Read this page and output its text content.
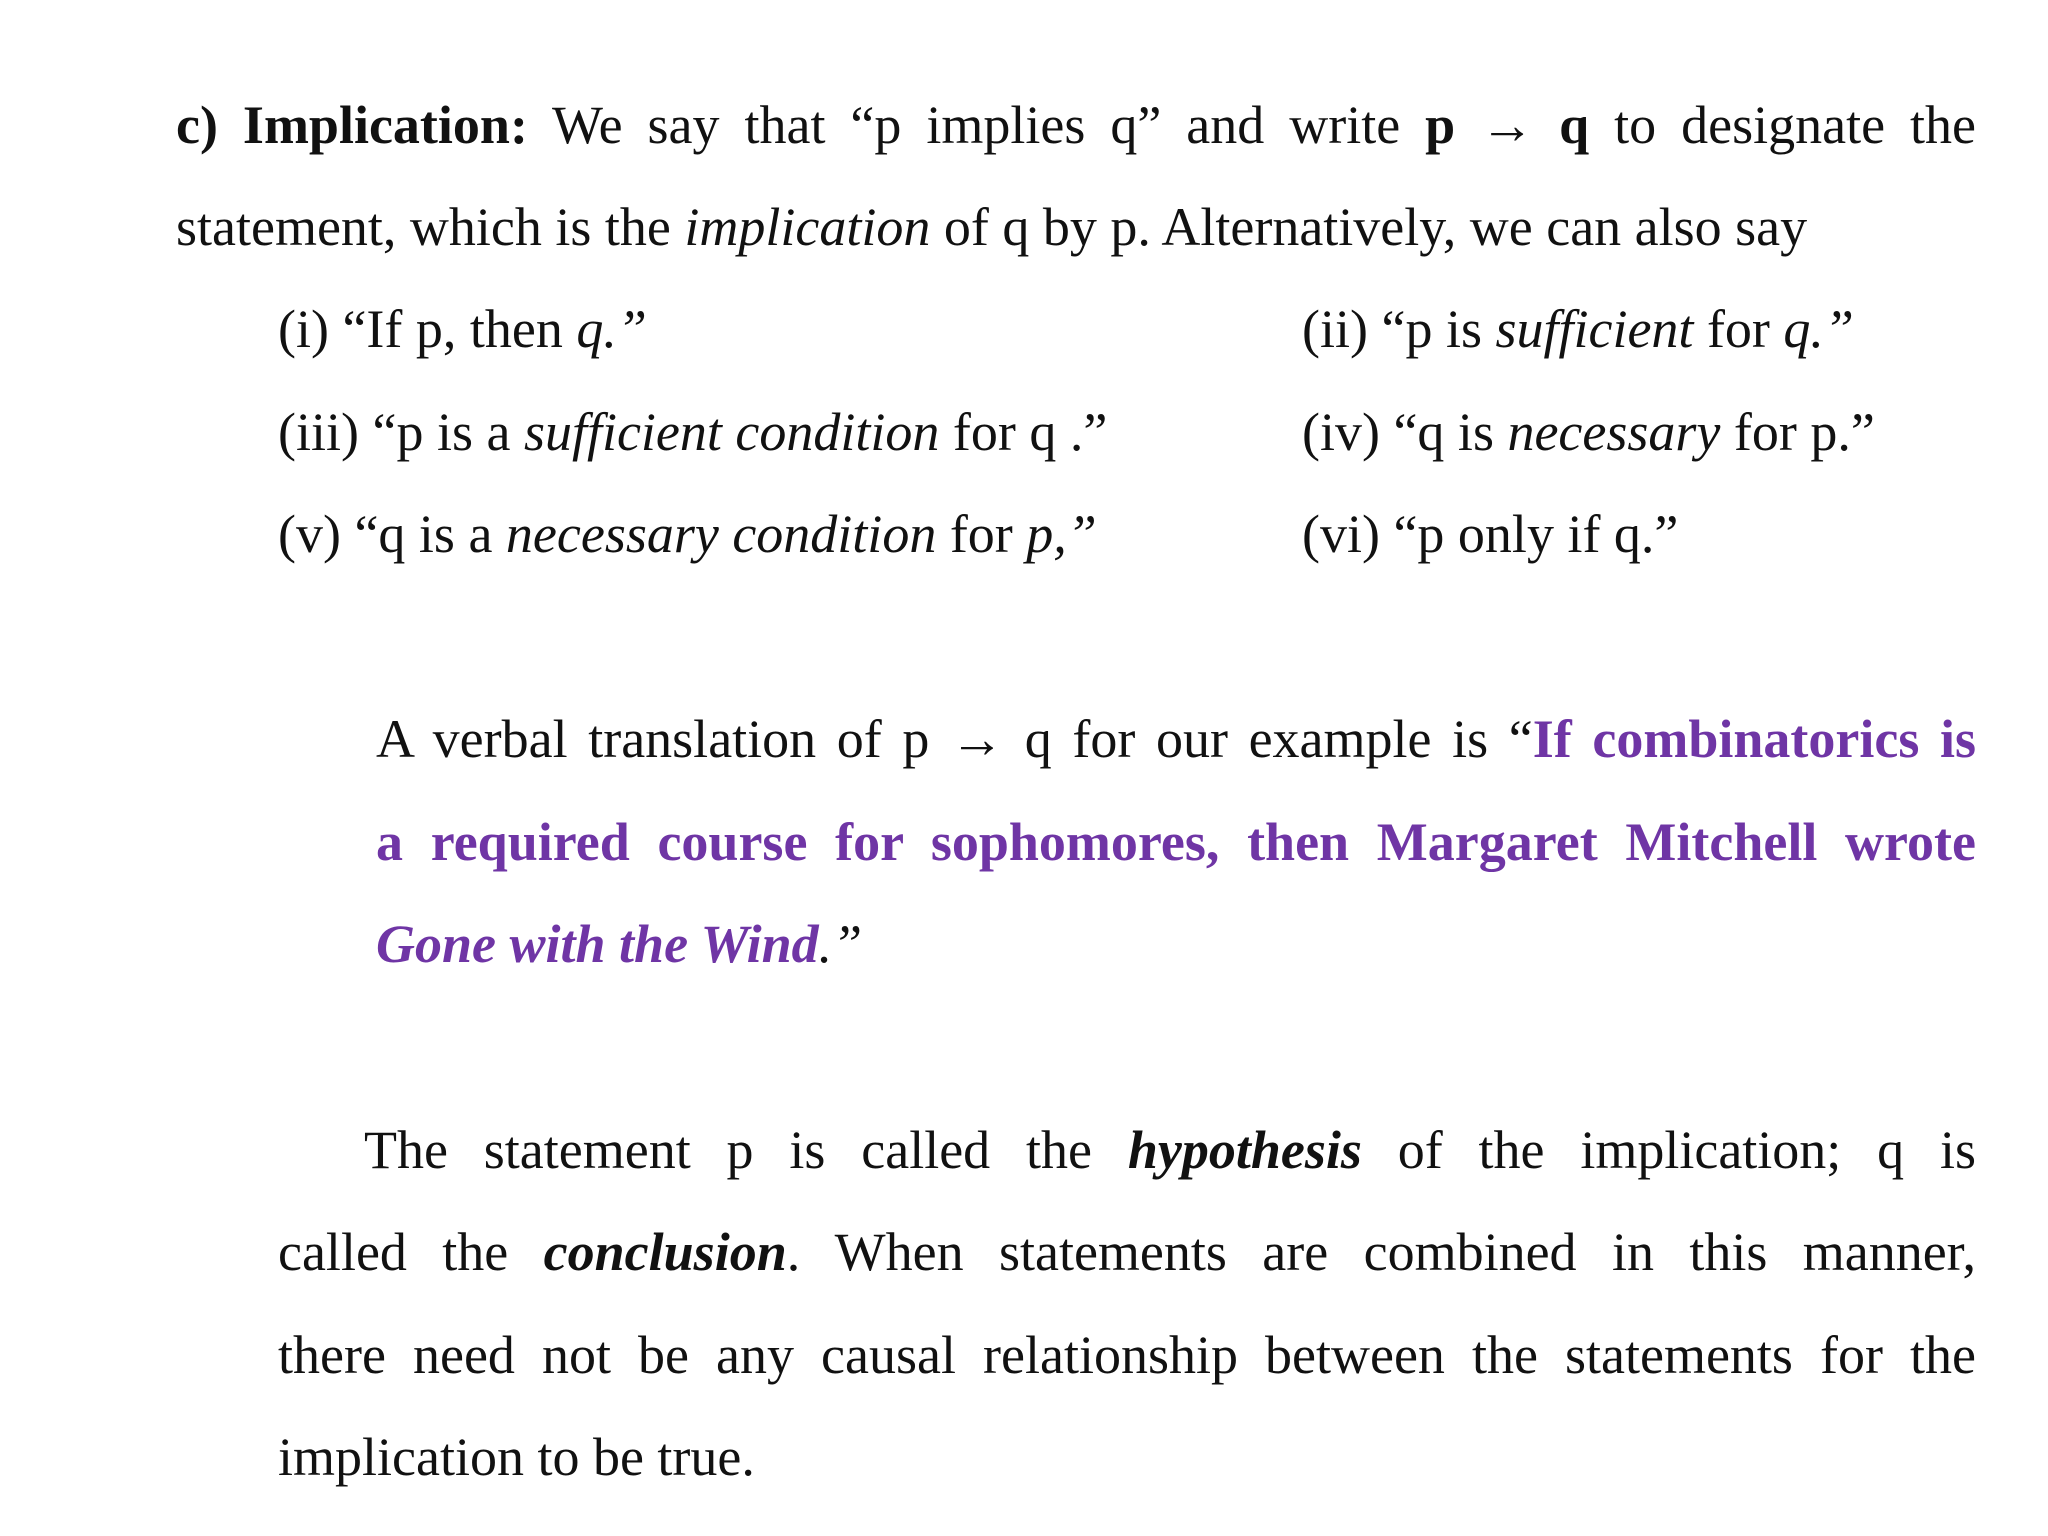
c) Implication: We say that “p implies q” and write p → q to designate the
statement, which is the implication of q by p. Alternatively, we can also say
(i) “If p, then q.”
(iii) “p is a sufficient condition for q .”
(v) “q is a necessary condition for p,”
(ii) “p is sufficient for q.”
(iv) “q is necessary for p.”
(vi) “p only if q.”
A verbal translation of p → q for our example is “If combinatorics is
a required course for sophomores, then Margaret Mitchell wrote
Gone with the Wind.”
The statement p is called the hypothesis of the implication; q is
called the conclusion. When statements are combined in this manner,
there need not be any causal relationship between the statements for the
implication to be true.
